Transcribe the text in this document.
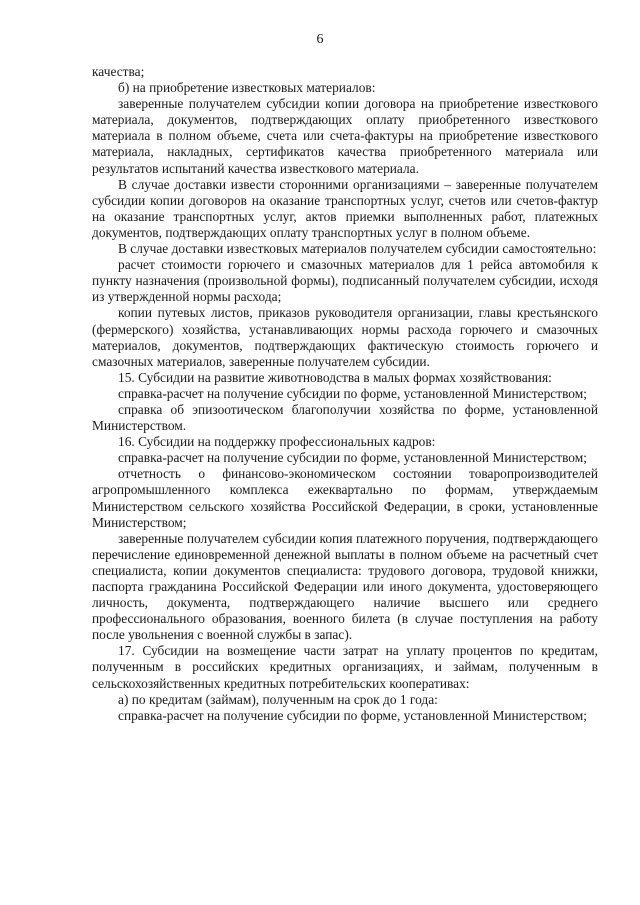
6

качества;

б) на приобретение известковых материалов:

заверенные получателем субсидии копии договора на приобретение известкового материала, документов, подтверждающих оплату приобретенного известкового материала в полном объеме, счета или счета-фактуры на приобретение известкового материала, накладных, сертификатов качества приобретенного материала или результатов испытаний качества известкового материала.

В случае доставки извести сторонними организациями – заверенные получателем субсидии копии договоров на оказание транспортных услуг, счетов или счетов-фактур на оказание транспортных услуг, актов приемки выполненных работ, платежных документов, подтверждающих оплату транспортных услуг в полном объеме.

В случае доставки известковых материалов получателем субсидии самостоятельно:

расчет стоимости горючего и смазочных материалов для 1 рейса автомобиля к пункту назначения (произвольной формы), подписанный получателем субсидии, исходя из утвержденной нормы расхода;

копии путевых листов, приказов руководителя организации, главы крестьянского (фермерского) хозяйства, устанавливающих нормы расхода горючего и смазочных материалов, документов, подтверждающих фактическую стоимость горючего и смазочных материалов, заверенные получателем субсидии.

15. Субсидии на развитие животноводства в малых формах хозяйствования:

справка-расчет на получение субсидии по форме, установленной Министерством;

справка об эпизоотическом благополучии хозяйства по форме, установленной Министерством.

16. Субсидии на поддержку профессиональных кадров:

справка-расчет на получение субсидии по форме, установленной Министерством;

отчетность о финансово-экономическом состоянии товаропроизводителей агропромышленного комплекса ежеквартально по формам, утверждаемым Министерством сельского хозяйства Российской Федерации, в сроки, установленные Министерством;

заверенные получателем субсидии копия платежного поручения, подтверждающего перечисление единовременной денежной выплаты в полном объеме на расчетный счет специалиста, копии документов специалиста: трудового договора, трудовой книжки, паспорта гражданина Российской Федерации или иного документа, удостоверяющего личность, документа, подтверждающего наличие высшего или среднего профессионального образования, военного билета (в случае поступления на работу после увольнения с военной службы в запас).

17. Субсидии на возмещение части затрат на уплату процентов по кредитам, полученным в российских кредитных организациях, и займам, полученным в сельскохозяйственных кредитных потребительских кооперативах:

а) по кредитам (займам), полученным на срок до 1 года:

справка-расчет на получение субсидии по форме, установленной Министерством;
